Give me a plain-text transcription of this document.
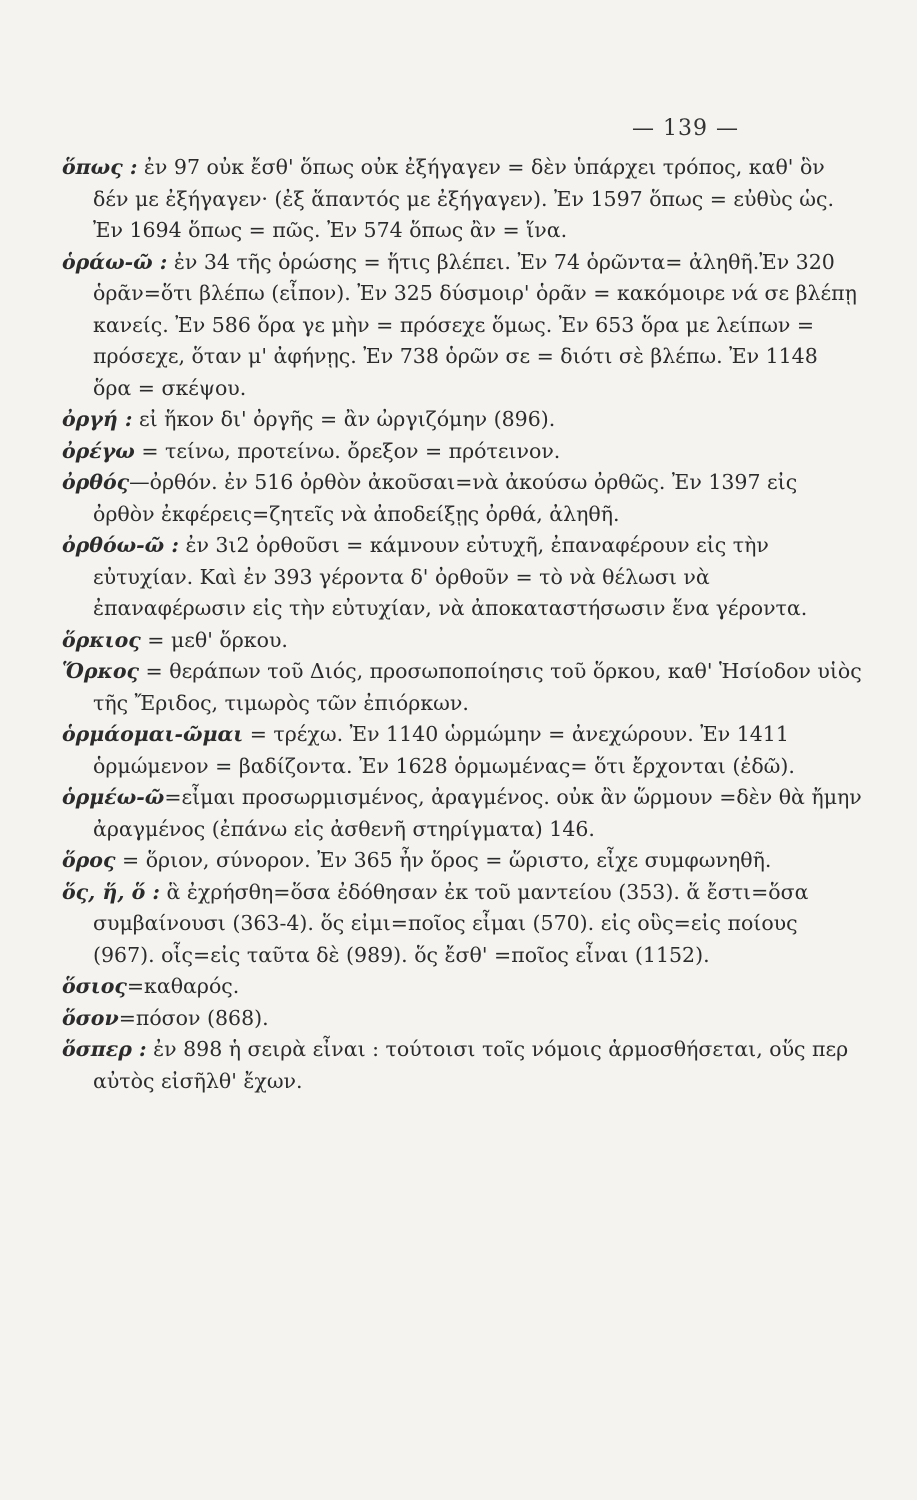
— 139 —

ὅπως : ἐν 97 οὐκ ἔσθ' ὅπως οὐκ ἐξήγαγεν = δὲν ὑπάρχει τρόπος, καθ' ὃν δέν με ἐξήγαγεν· (ἐξ ἅπαντός με ἐξήγαγεν). Ἐν 1597 ὅπως = εὐθὺς ὡς. Ἐν 1694 ὅπως = πῶς. Ἐν 574 ὅπως ἂν = ἵνα.

ὁράω-ῶ : ἐν 34 τῆς ὁρώσης = ἥτις βλέπει. Ἐν 74 ὁρῶντα= ἀληθῆ.Ἐν 320 ὁρᾶν=ὅτι βλέπω (εἶπον). Ἐν 325 δύσμοιρ' ὁρᾶν = κακόμοιρε νά σε βλέπῃ κανείς. Ἐν 586 ὅρα γε μὴν = πρόσεχε ὅμως. Ἐν 653 ὅρα με λείπων = πρόσεχε, ὅταν μ' ἀφήνῃς. Ἐν 738 ὁρῶν σε = διότι σὲ βλέπω. Ἐν 1148 ὅρα = σκέψου.

ὀργή : εἰ ἥκον δι' ὀργῆς = ἂν ὠργιζόμην (896).

ὀρέγω = τείνω, προτείνω. ὄρεξον = πρότεινον.

ὀρθός—ὀρθόν. ἐν 516 ὀρθὸν ἀκοῦσαι=νὰ ἀκούσω ὀρθῶς. Ἐν 1397 εἰς ὀρθὸν ἐκφέρεις=ζητεῖς νὰ ἀποδείξῃς ὀρθά, ἀληθῆ.

ὀρθόω-ῶ : ἐν 3ι2 ὀρθοῦσι = κάμνουν εὐτυχῆ, ἐπαναφέρουν εἰς τὴν εὐτυχίαν. Καὶ ἐν 393 γέροντα δ' ὀρθοῦν = τὸ νὰ θέλωσι νὰ ἐπαναφέρωσιν εἰς τὴν εὐτυχίαν, νὰ ἀποκαταστήσωσιν ἕνα γέροντα.

ὅρκιος = μεθ' ὅρκου.

Ὅρκος = θεράπων τοῦ Διός, προσωποποίησις τοῦ ὅρκου, καθ' Ἡσίοδον υἱὸς τῆς Ἔριδος, τιμωρὸς τῶν ἐπιόρκων.

ὁρμάομαι-ῶμαι = τρέχω. Ἐν 1140 ὡρμώμην = ἀνεχώρουν. Ἐν 1411 ὁρμώμενον = βαδίζοντα. Ἐν 1628 ὁρμωμένας= ὅτι ἔρχονται (ἐδῶ).

ὁρμέω-ῶ=εἶμαι προσωρμισμένος, ἀραγμένος. οὐκ ἂν ὥρμουν =δὲν θὰ ἤμην ἀραγμένος (ἐπάνω εἰς ἀσθενῆ στηρίγματα) 146.

ὅρος = ὅριον, σύνορον. Ἐν 365 ἦν ὅρος = ὥριστο, εἶχε συμφωνηθῆ.

ὅς, ἥ, ὅ : ἃ ἐχρήσθη=ὅσα ἐδόθησαν ἐκ τοῦ μαντείου (353). ἅ ἔστι=ὅσα συμβαίνουσι (363-4). ὅς εἰμι=ποῖος εἶμαι (570). εἰς οὓς=εἰς ποίους (967). οἷς=εἰς ταῦτα δὲ (989). ὅς ἔσθ' =ποῖος εἶναι (1152).

ὅσιος=καθαρός.

ὅσον=πόσον (868).

ὅσπερ : ἐν 898 ἡ σειρὰ εἶναι : τούτοισι τοῖς νόμοις ἁρμοσθήσεται, οὕς περ αὐτὸς εἰσῆλθ' ἔχων.
